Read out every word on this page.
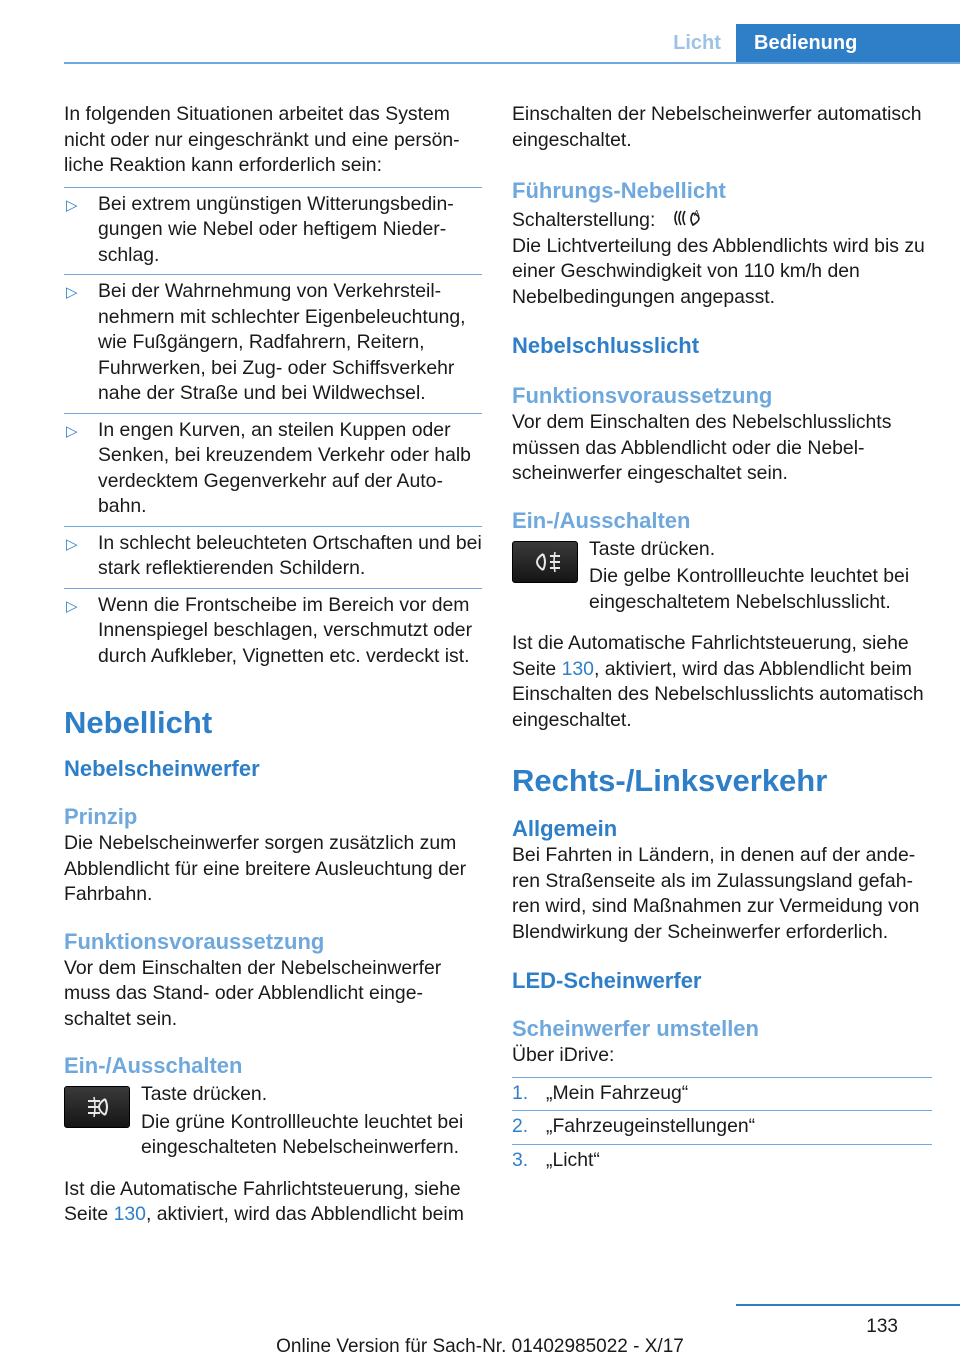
Licht	Bedienung

In folgenden Situationen arbeitet das System nicht oder nur eingeschränkt und eine persönliche Reaktion kann erforderlich sein:

▷ Bei extrem ungünstigen Witterungsbedingungen wie Nebel oder heftigem Niederschlag.
▷ Bei der Wahrnehmung von Verkehrsteilnehmern mit schlechter Eigenbeleuchtung, wie Fußgängern, Radfahrern, Reitern, Fuhrwerken, bei Zug- oder Schiffsverkehr nahe der Straße und bei Wildwechsel.
▷ In engen Kurven, an steilen Kuppen oder Senken, bei kreuzendem Verkehr oder halb verdecktem Gegenverkehr auf der Autobahn.
▷ In schlecht beleuchteten Ortschaften und bei stark reflektierenden Schildern.
▷ Wenn die Frontscheibe im Bereich vor dem Innenspiegel beschlagen, verschmutzt oder durch Aufkleber, Vignetten etc. verdeckt ist.
Nebellicht
Nebelscheinwerfer
Prinzip

Die Nebelscheinwerfer sorgen zusätzlich zum Abblendlicht für eine breitere Ausleuchtung der Fahrbahn.

Funktionsvoraussetzung

Vor dem Einschalten der Nebelscheinwerfer muss das Stand- oder Abblendlicht eingeschaltet sein.

Ein-/Ausschalten

Taste drücken.

Die grüne Kontrollleuchte leuchtet bei eingeschalteten Nebelscheinwerfern.

Ist die Automatische Fahrlichtsteuerung, siehe Seite 130, aktiviert, wird das Abblendlicht beim

Einschalten der Nebelscheinwerfer automatisch eingeschaltet.

Führungs-Nebellicht

Schalterstellung:	A

Die Lichtverteilung des Abblendlichts wird bis zu einer Geschwindigkeit von 110 km/h den Nebelbedingungen angepasst.

Nebelschlusslicht
Funktionsvoraussetzung

Vor dem Einschalten des Nebelschlusslichts müssen das Abblendlicht oder die Nebelscheinwerfer eingeschaltet sein.

Ein-/Ausschalten

Taste drücken.

Die gelbe Kontrollleuchte leuchtet bei eingeschaltetem Nebelschlusslicht.

Ist die Automatische Fahrlichtsteuerung, siehe Seite 130, aktiviert, wird das Abblendlicht beim Einschalten des Nebelschlusslichts automatisch eingeschaltet.

Rechts-/Linksverkehr
Allgemein

Bei Fahrten in Ländern, in denen auf der anderen Straßenseite als im Zulassungsland gefahren wird, sind Maßnahmen zur Vermeidung von Blendwirkung der Scheinwerfer erforderlich.

LED-Scheinwerfer
Scheinwerfer umstellen

Über iDrive:

1. „Mein Fahrzeug“
2. „Fahrzeugeinstellungen“
3. „Licht“
133
Online Version für Sach-Nr. 01402985022 - X/17
